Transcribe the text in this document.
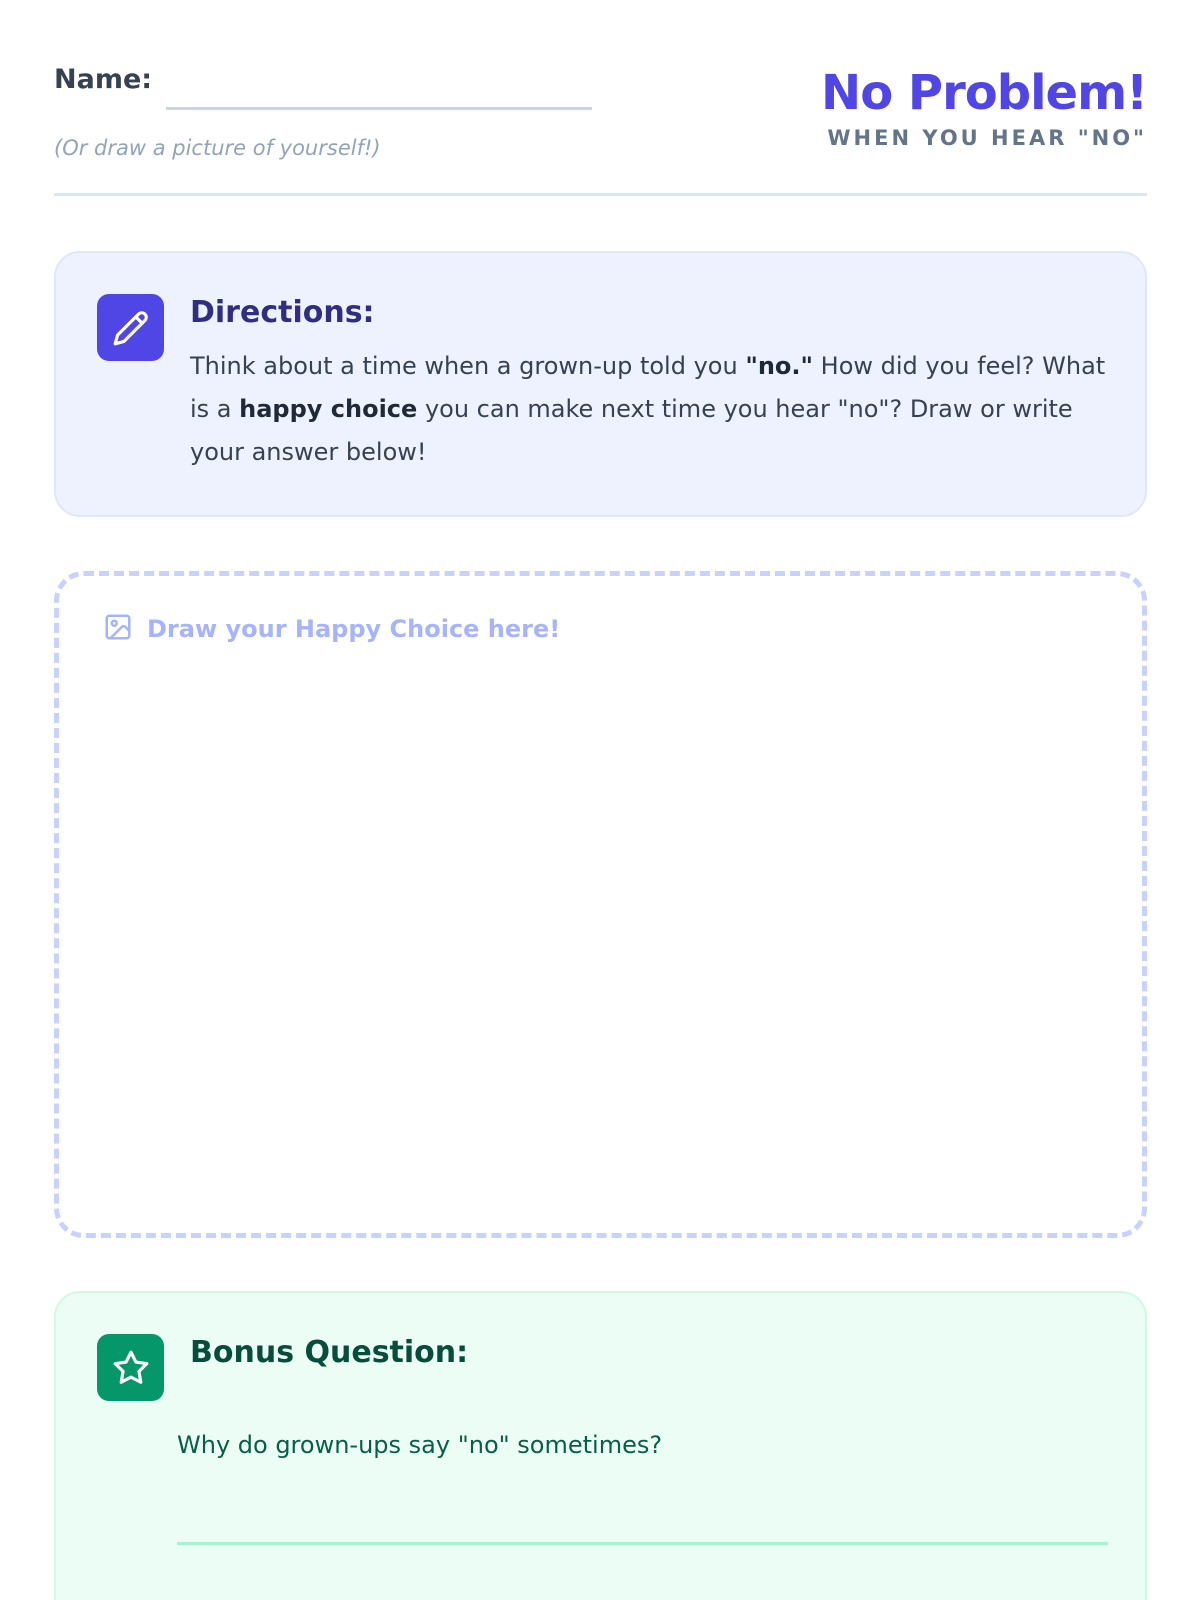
Name:
(Or draw a picture of yourself!)
No Problem!
WHEN YOU HEAR "NO"
Directions:
Think about a time when a grown-up told you "no." How did you feel? What is a happy choice you can make next time you hear "no"? Draw or write your answer below!
Draw your Happy Choice here!
Bonus Question:
Why do grown-ups say "no" sometimes?
